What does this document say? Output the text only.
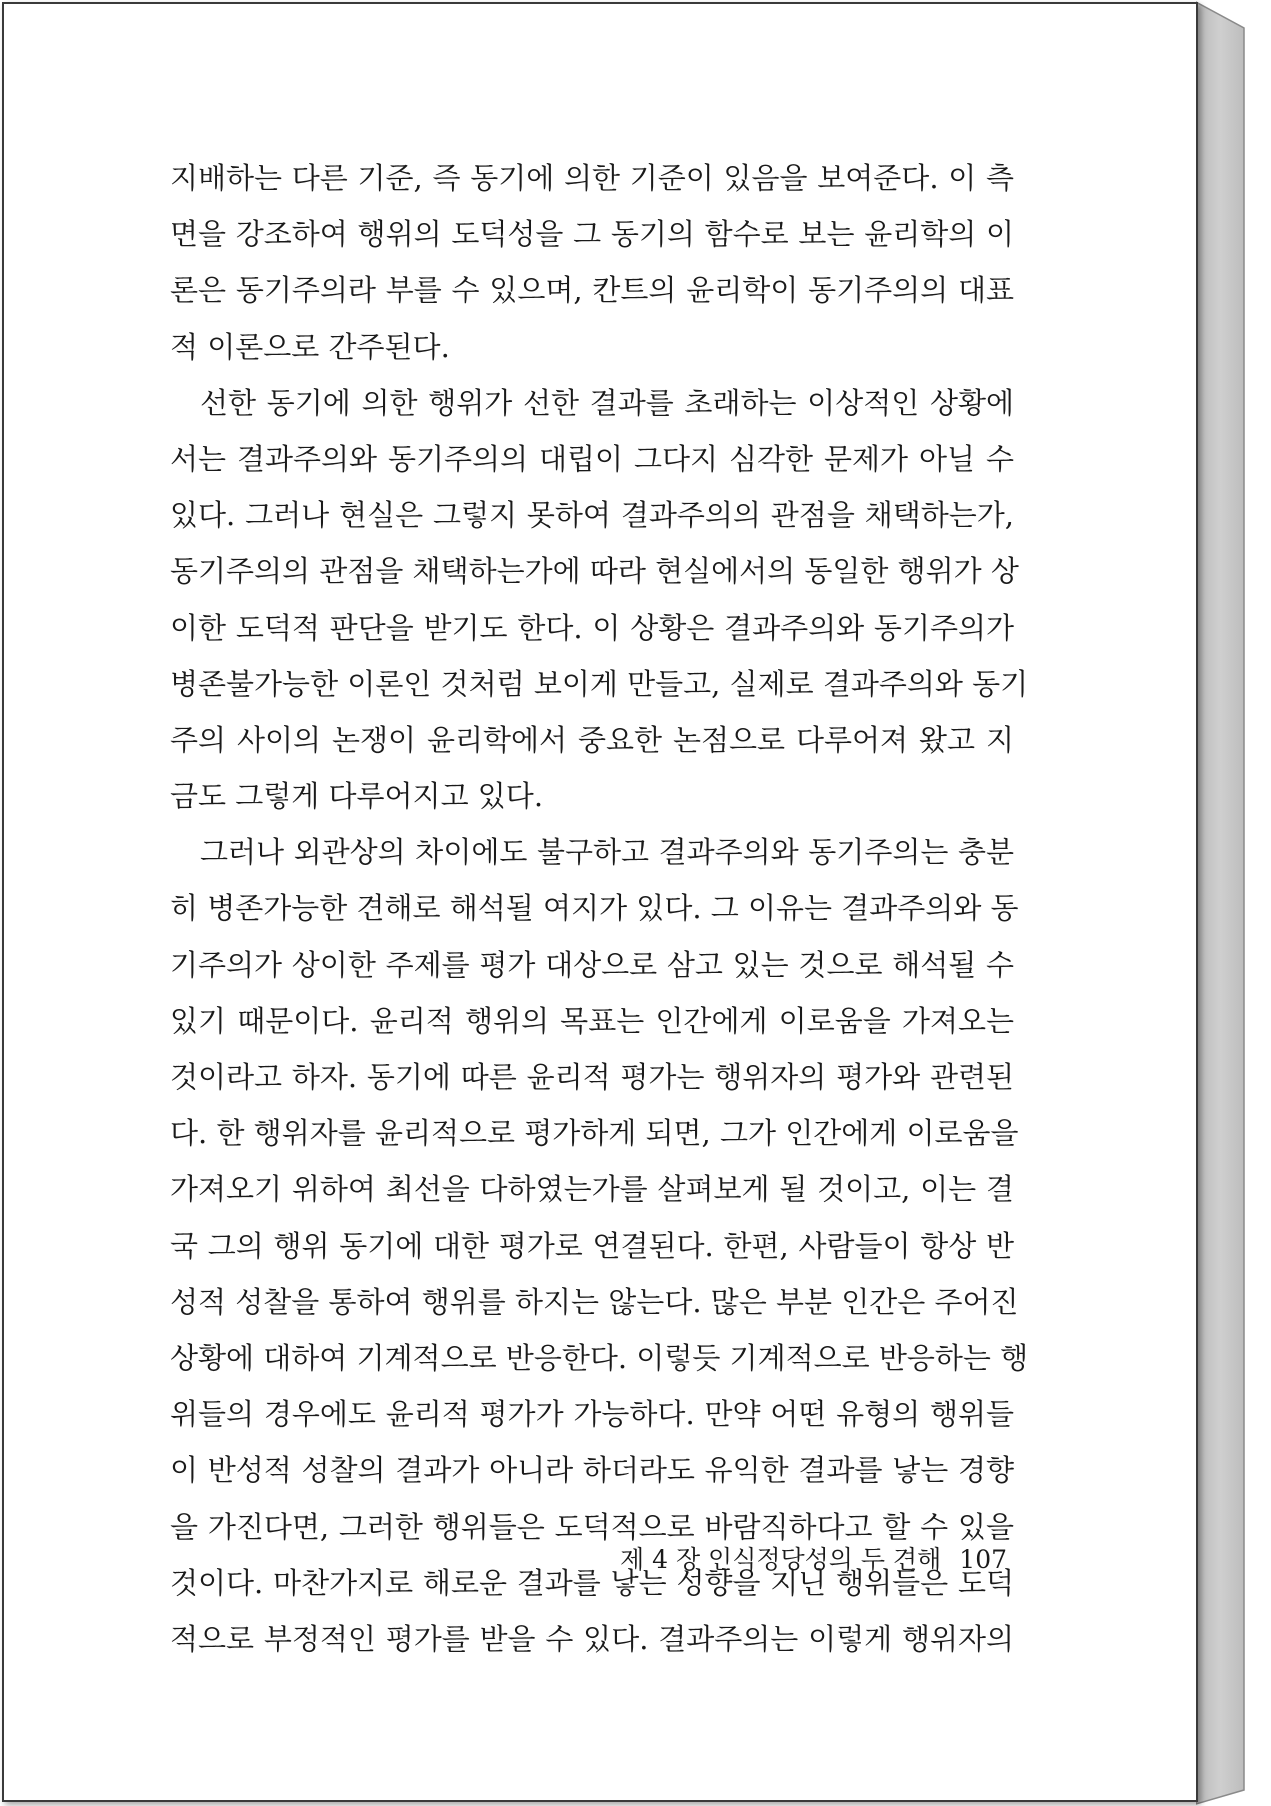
지배하는 다른 기준, 즉 동기에 의한 기준이 있음을 보여준다. 이 측
면을 강조하여 행위의 도덕성을 그 동기의 함수로 보는 윤리학의 이
론은 동기주의라 부를 수 있으며, 칸트의 윤리학이 동기주의의 대표
적 이론으로 간주된다.
선한 동기에 의한 행위가 선한 결과를 초래하는 이상적인 상황에
서는 결과주의와 동기주의의 대립이 그다지 심각한 문제가 아닐 수
있다. 그러나 현실은 그렇지 못하여 결과주의의 관점을 채택하는가,
동기주의의 관점을 채택하는가에 따라 현실에서의 동일한 행위가 상
이한 도덕적 판단을 받기도 한다. 이 상황은 결과주의와 동기주의가
병존불가능한 이론인 것처럼 보이게 만들고, 실제로 결과주의와 동기
주의 사이의 논쟁이 윤리학에서 중요한 논점으로 다루어져 왔고 지
금도 그렇게 다루어지고 있다.
그러나 외관상의 차이에도 불구하고 결과주의와 동기주의는 충분
히 병존가능한 견해로 해석될 여지가 있다. 그 이유는 결과주의와 동
기주의가 상이한 주제를 평가 대상으로 삼고 있는 것으로 해석될 수
있기 때문이다. 윤리적 행위의 목표는 인간에게 이로움을 가져오는
것이라고 하자. 동기에 따른 윤리적 평가는 행위자의 평가와 관련된
다. 한 행위자를 윤리적으로 평가하게 되면, 그가 인간에게 이로움을
가져오기 위하여 최선을 다하였는가를 살펴보게 될 것이고, 이는 결
국 그의 행위 동기에 대한 평가로 연결된다. 한편, 사람들이 항상 반
성적 성찰을 통하여 행위를 하지는 않는다. 많은 부분 인간은 주어진
상황에 대하여 기계적으로 반응한다. 이렇듯 기계적으로 반응하는 행
위들의 경우에도 윤리적 평가가 가능하다. 만약 어떤 유형의 행위들
이 반성적 성찰의 결과가 아니라 하더라도 유익한 결과를 낳는 경향
을 가진다면, 그러한 행위들은 도덕적으로 바람직하다고 할 수 있을
것이다. 마찬가지로 해로운 결과를 낳는 성향을 지닌 행위들은 도덕
적으로 부정적인 평가를 받을 수 있다. 결과주의는 이렇게 행위자의
제 4 장 인식정당성의 두 견해 107
